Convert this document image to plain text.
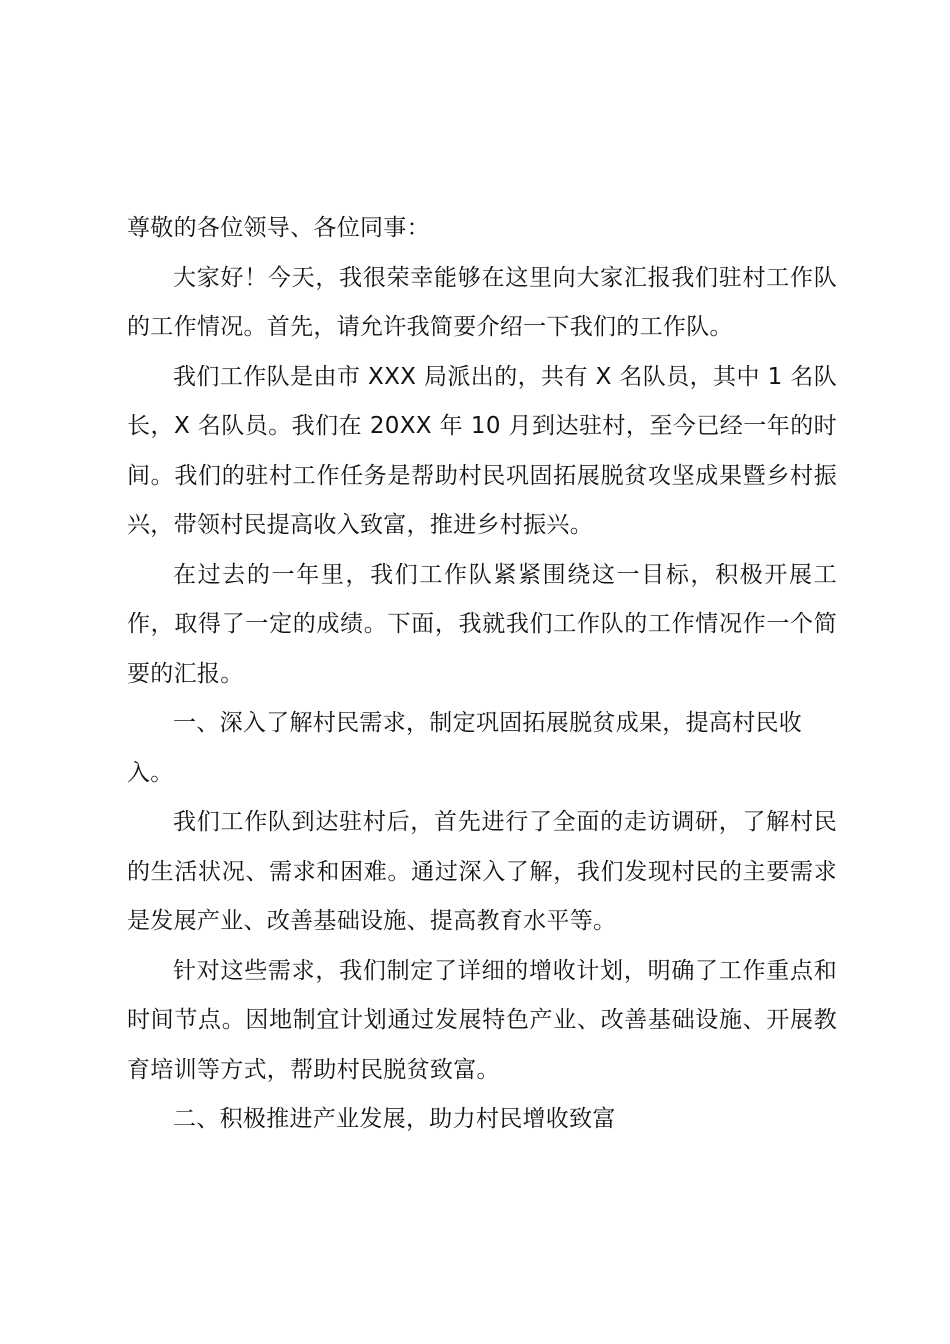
尊敬的各位领导、各位同事：

大家好！今天，我很荣幸能够在这里向大家汇报我们驻村工作队的工作情况。首先，请允许我简要介绍一下我们的工作队。

我们工作队是由市 XXX 局派出的，共有 X 名队员，其中 1 名队长，X 名队员。我们在 20XX 年 10 月到达驻村，至今已经一年的时间。我们的驻村工作任务是帮助村民巩固拓展脱贫攻坚成果暨乡村振兴，带领村民提高收入致富，推进乡村振兴。

在过去的一年里，我们工作队紧紧围绕这一目标，积极开展工作，取得了一定的成绩。下面，我就我们工作队的工作情况作一个简要的汇报。

一、深入了解村民需求，制定巩固拓展脱贫成果，提高村民收入。

我们工作队到达驻村后，首先进行了全面的走访调研，了解村民的生活状况、需求和困难。通过深入了解，我们发现村民的主要需求是发展产业、改善基础设施、提高教育水平等。

针对这些需求，我们制定了详细的增收计划，明确了工作重点和时间节点。因地制宜计划通过发展特色产业、改善基础设施、开展教育培训等方式，帮助村民脱贫致富。

二、积极推进产业发展，助力村民增收致富
